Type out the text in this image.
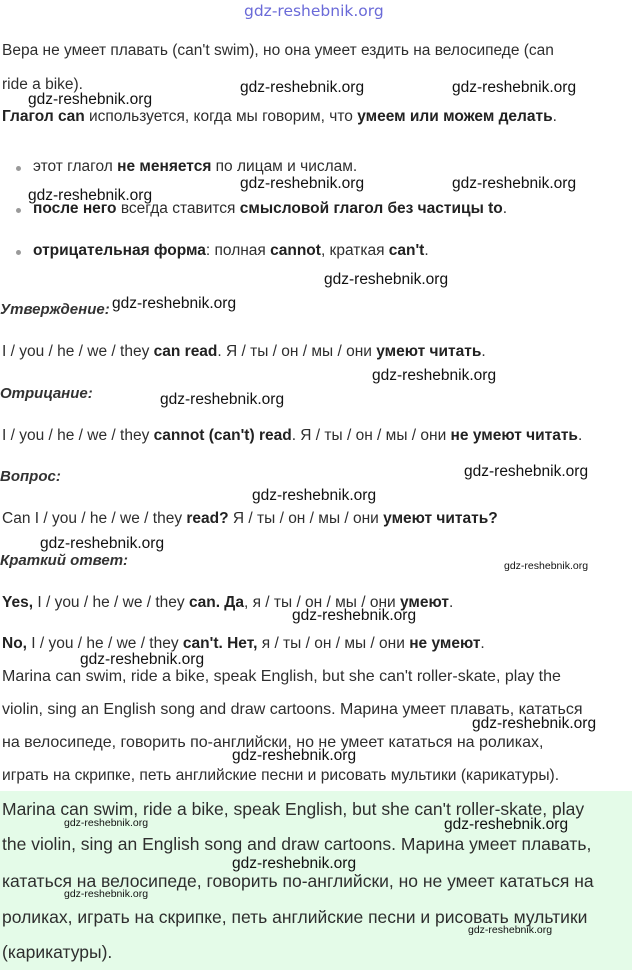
gdz-reshebnik.org
Вера не умеет плавать (can't swim), но она умеет ездить на велосипеде (can
ride a bike).
Глагол can используется, когда мы говорим, что умеем или можем делать.
этот глагол не меняется по лицам и числам.
после него всегда ставится смысловой глагол без частицы to.
отрицательная форма: полная cannot, краткая can't.
Утверждение:
I / you / he / we / they can read. Я / ты / он / мы / они умеют читать.
Отрицание:
I / you / he / we / they cannot (can't) read. Я / ты / он / мы / они не умеют читать.
Вопрос:
Can I / you / he / we / they read? Я / ты / он / мы / они умеют читать?
Краткий ответ:
Yes, I / you / he / we / they can. Да, я / ты / он / мы / они умеют.
No, I / you / he / we / they can't. Нет, я / ты / он / мы / они не умеют.
Marina can swim, ride a bike, speak English, but she can't roller-skate, play the
violin, sing an English song and draw cartoons. Марина умеет плавать, кататься
на велосипеде, говорить по-английски, но не умеет кататься на роликах,
играть на скрипке, петь английские песни и рисовать мультики (карикатуры).
Marina can swim, ride a bike, speak English, but she can't roller-skate, play
the violin, sing an English song and draw cartoons. Марина умеет плавать,
кататься на велосипеде, говорить по-английски, но не умеет кататься на
роликах, играть на скрипке, петь английские песни и рисовать мультики
(карикатуры).
gdz-reshebnik.org	gdz-reshebnik.org
gdz-reshebnik.org
gdz-reshebnik.org	gdz-reshebnik.org
gdz-reshebnik.org
gdz-reshebnik.org
gdz-reshebnik.org
gdz-reshebnik.org
gdz-reshebnik.org
gdz-reshebnik.org
gdz-reshebnik.org
gdz-reshebnik.org
gdz-reshebnik.org
gdz-reshebnik.org
gdz-reshebnik.org
gdz-reshebnik.org
gdz-reshebnik.org
gdz-reshebnik.org
gdz-reshebnik.org
gdz-reshebnik.org
gdz-reshebnik.org
gdz-reshebnik.org
